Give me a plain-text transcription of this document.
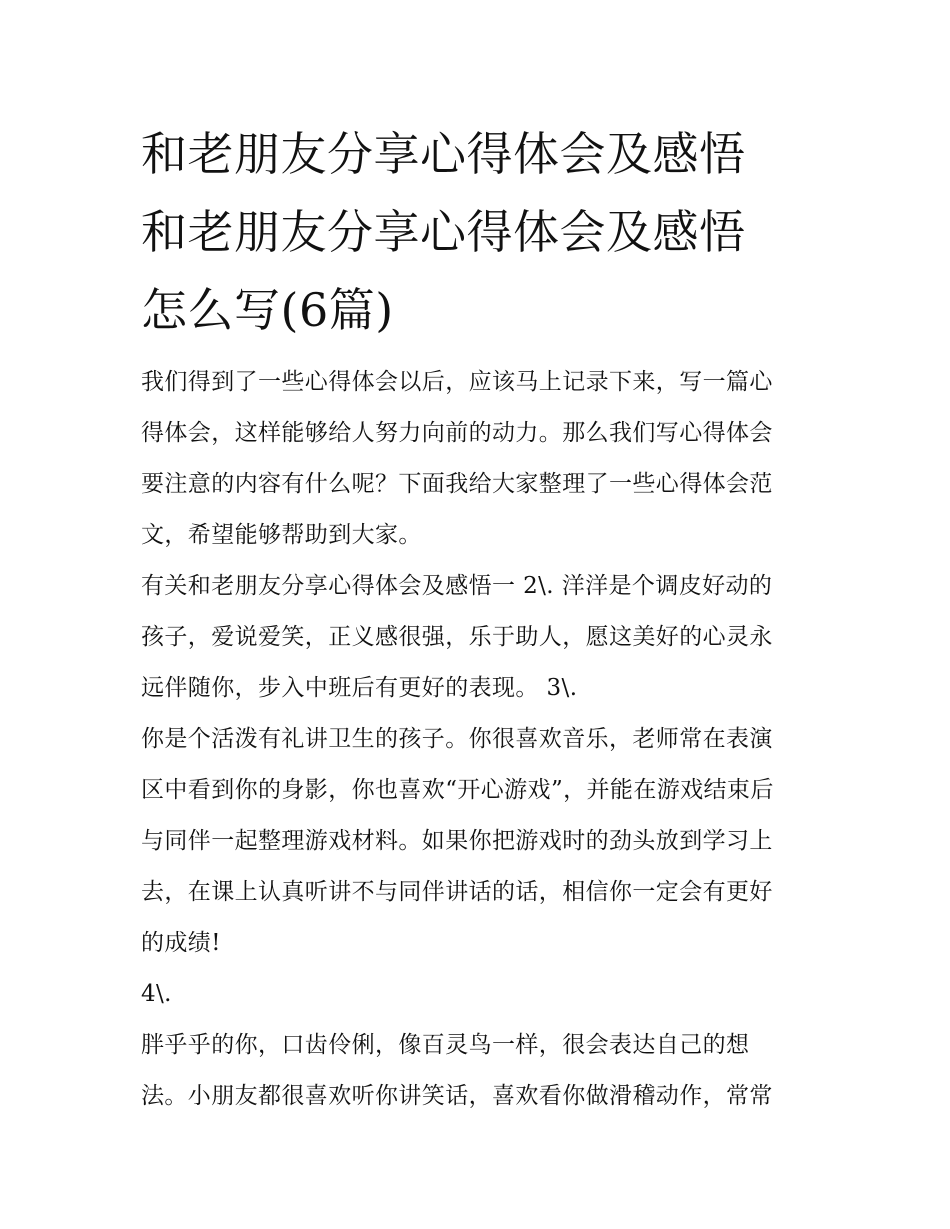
和老朋友分享心得体会及感悟
和老朋友分享心得体会及感悟
怎么写(6篇)

我们得到了一些心得体会以后，应该马上记录下来，写一篇心
得体会，这样能够给人努力向前的动力。那么我们写心得体会
要注意的内容有什么呢？下面我给大家整理了一些心得体会范
文，希望能够帮助到大家。

有关和老朋友分享心得体会及感悟一 2\. 洋洋是个调皮好动的
孩子，爱说爱笑，正义感很强，乐于助人，愿这美好的心灵永
远伴随你，步入中班后有更好的表现。 3\.

你是个活泼有礼讲卫生的孩子。你很喜欢音乐，老师常在表演
区中看到你的身影，你也喜欢“开心游戏”，并能在游戏结束后
与同伴一起整理游戏材料。如果你把游戏时的劲头放到学习上
去，在课上认真听讲不与同伴讲话的话，相信你一定会有更好
的成绩!

4\.

胖乎乎的你，口齿伶俐，像百灵鸟一样，很会表达自己的想
法。小朋友都很喜欢听你讲笑话，喜欢看你做滑稽动作，常常
